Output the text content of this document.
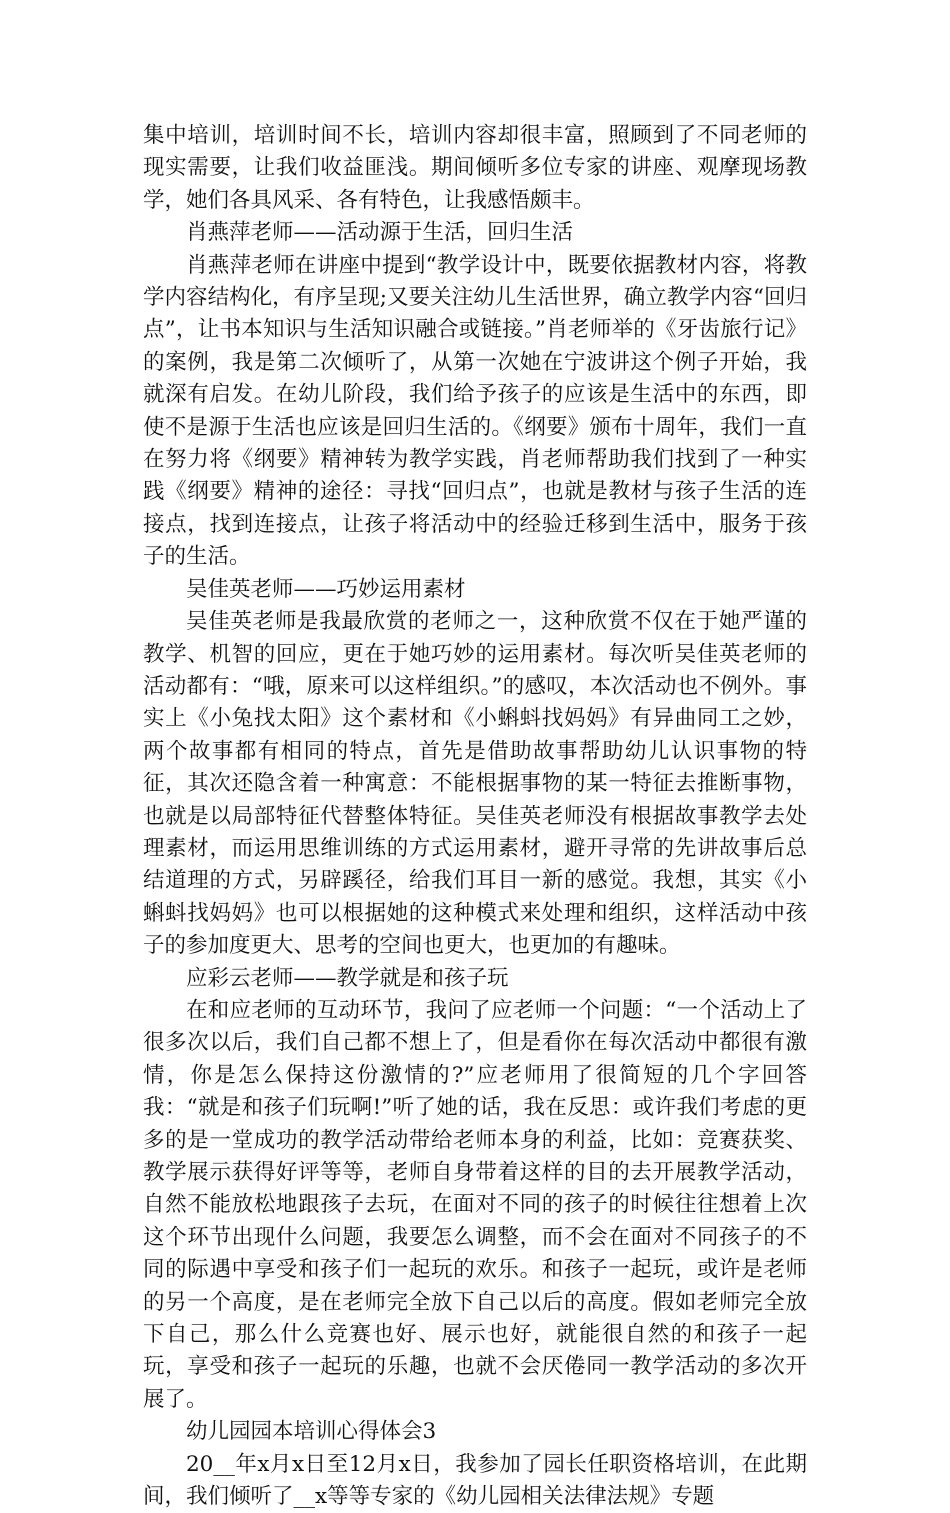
集中培训，培训时间不长，培训内容却很丰富，照顾到了不同老师的现实需要，让我们收益匪浅。期间倾听多位专家的讲座、观摩现场教学，她们各具风采、各有特色，让我感悟颇丰。

肖燕萍老师——活动源于生活，回归生活

肖燕萍老师在讲座中提到“教学设计中，既要依据教材内容，将教学内容结构化，有序呈现;又要关注幼儿生活世界，确立教学内容“回归点”，让书本知识与生活知识融合或链接。”肖老师举的《牙齿旅行记》的案例，我是第二次倾听了，从第一次她在宁波讲这个例子开始，我就深有启发。在幼儿阶段，我们给予孩子的应该是生活中的东西，即使不是源于生活也应该是回归生活的。《纲要》颁布十周年，我们一直在努力将《纲要》精神转为教学实践，肖老师帮助我们找到了一种实践《纲要》精神的途径：寻找“回归点”，也就是教材与孩子生活的连接点，找到连接点，让孩子将活动中的经验迁移到生活中，服务于孩子的生活。

吴佳英老师——巧妙运用素材

吴佳英老师是我最欣赏的老师之一，这种欣赏不仅在于她严谨的教学、机智的回应，更在于她巧妙的运用素材。每次听吴佳英老师的活动都有：“哦，原来可以这样组织。”的感叹，本次活动也不例外。事实上《小兔找太阳》这个素材和《小蝌蚪找妈妈》有异曲同工之妙，两个故事都有相同的特点，首先是借助故事帮助幼儿认识事物的特征，其次还隐含着一种寓意：不能根据事物的某一特征去推断事物，也就是以局部特征代替整体特征。吴佳英老师没有根据故事教学去处理素材，而运用思维训练的方式运用素材，避开寻常的先讲故事后总结道理的方式，另辟蹊径，给我们耳目一新的感觉。我想，其实《小蝌蚪找妈妈》也可以根据她的这种模式来处理和组织，这样活动中孩子的参加度更大、思考的空间也更大，也更加的有趣味。

应彩云老师——教学就是和孩子玩

在和应老师的互动环节，我问了应老师一个问题：“一个活动上了很多次以后，我们自己都不想上了，但是看你在每次活动中都很有激情，你是怎么保持这份激情的?”应老师用了很简短的几个字回答我：“就是和孩子们玩啊!”听了她的话，我在反思：或许我们考虑的更多的是一堂成功的教学活动带给老师本身的利益，比如：竞赛获奖、教学展示获得好评等等，老师自身带着这样的目的去开展教学活动，自然不能放松地跟孩子去玩，在面对不同的孩子的时候往往想着上次这个环节出现什么问题，我要怎么调整，而不会在面对不同孩子的不同的际遇中享受和孩子们一起玩的欢乐。和孩子一起玩，或许是老师的另一个高度，是在老师完全放下自己以后的高度。假如老师完全放下自己，那么什么竞赛也好、展示也好，就能很自然的和孩子一起玩，享受和孩子一起玩的乐趣，也就不会厌倦同一教学活动的多次开展了。

幼儿园园本培训心得体会3

20__年x月x日至12月x日，我参加了园长任职资格培训，在此期间，我们倾听了__x等等专家的《幼儿园相关法律法规》专题
